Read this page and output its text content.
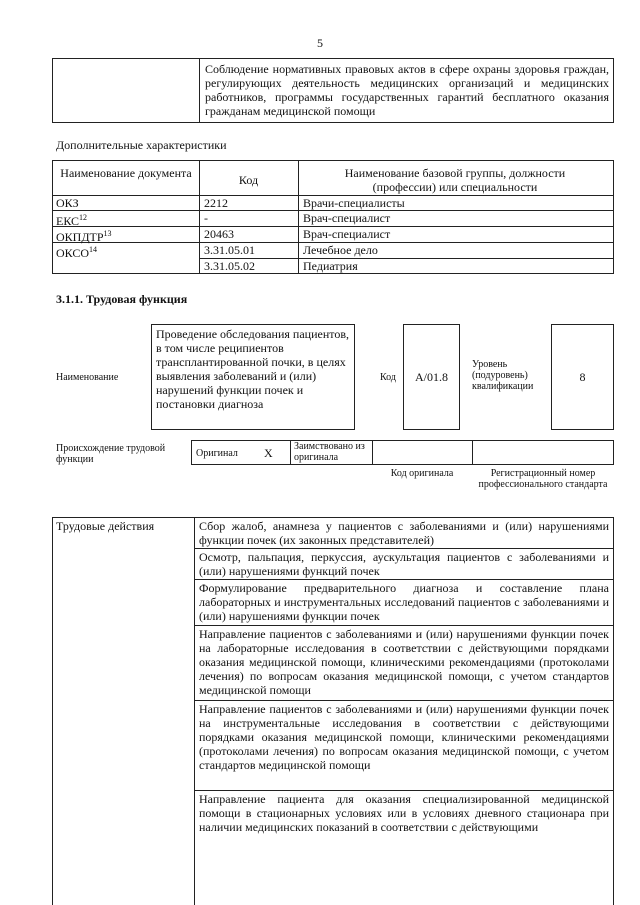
5
Соблюдение нормативных правовых актов в сфере охраны здоровья граждан, регулирующих деятельность медицинских организаций и медицинских работников, программы государственных гарантий бесплатного оказания гражданам медицинской помощи
Дополнительные характеристики
Наименование документа	Код	Наименование базовой группы, должности (профессии) или специальности
ОКЗ	2212	Врачи-специалисты
ЕКС$^{12}$	-	Врач-специалист
ОКПДТР$^{13}$	20463	Врач-специалист
ОКСО$^{14}$	3.31.05.01	Лечебное дело
3.31.05.02	Педиатрия
3.1.1. Трудовая функция
Наименование
Проведение обследования пациентов, в том числе реципиентов трансплантированной почки, в целях выявления заболеваний и (или) нарушений функции почек и постановки диагноза
Код	A/01.8
Уровень (подуровень) квалификации
8
Происхождение трудовой функции
Оригинал X Заимствовано из оригинала
Код оригинала	Регистрационный номер профессионального стандарта
Трудовые действия	Сбор жалоб, анамнеза у пациентов с заболеваниями и (или) нарушениями функции почек (их законных представителей)
Осмотр, пальпация, перкуссия, аускультация пациентов с заболеваниями и (или) нарушениями функций почек
Формулирование предварительного диагноза и составление плана лабораторных и инструментальных исследований пациентов с заболеваниями и (или) нарушениями функции почек
Направление пациентов с заболеваниями и (или) нарушениями функции почек на лабораторные исследования в соответствии с действующими порядками оказания медицинской помощи, клиническими рекомендациями (протоколами лечения) по вопросам оказания медицинской помощи, с учетом стандартов медицинской помощи
Направление пациентов с заболеваниями и (или) нарушениями функции почек на инструментальные исследования в соответствии с действующими порядками оказания медицинской помощи, клиническими рекомендациями (протоколами лечения) по вопросам оказания медицинской помощи, с учетом стандартов медицинской помощи
Направление пациента для оказания специализированной медицинской помощи в стационарных условиях или в условиях дневного стационара при наличии медицинских показаний в соответствии с действующими
